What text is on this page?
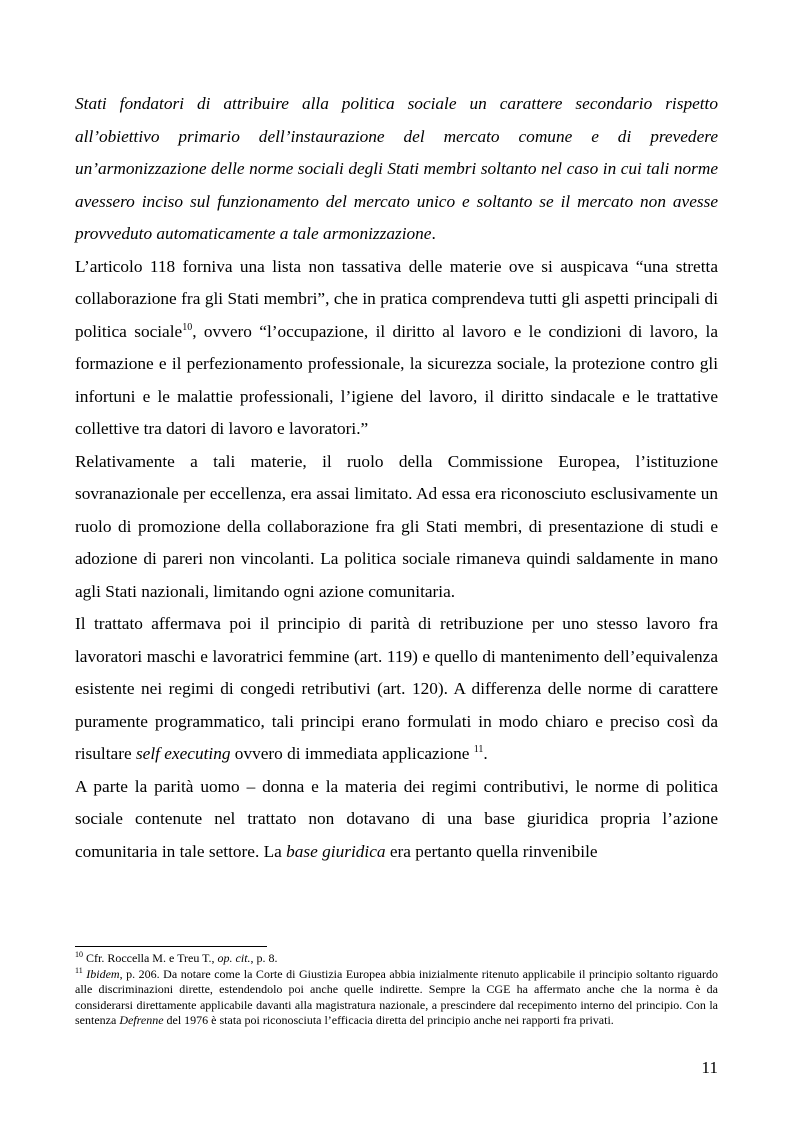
Stati fondatori di attribuire alla politica sociale un carattere secondario rispetto all’obiettivo primario dell’instaurazione del mercato comune e di prevedere un’armonizzazione delle norme sociali degli Stati membri soltanto nel caso in cui tali norme avessero inciso sul funzionamento del mercato unico e soltanto se il mercato non avesse provveduto automaticamente a tale armonizzazione.

L’articolo 118 forniva una lista non tassativa delle materie ove si auspicava “una stretta collaborazione fra gli Stati membri”, che in pratica comprendeva tutti gli aspetti principali di politica sociale$^{10}$, ovvero “l’occupazione, il diritto al lavoro e le condizioni di lavoro, la formazione e il perfezionamento professionale, la sicurezza sociale, la protezione contro gli infortuni e le malattie professionali, l’igiene del lavoro, il diritto sindacale e le trattative collettive tra datori di lavoro e lavoratori.”

Relativamente a tali materie, il ruolo della Commissione Europea, l’istituzione sovranazionale per eccellenza, era assai limitato. Ad essa era riconosciuto esclusivamente un ruolo di promozione della collaborazione fra gli Stati membri, di presentazione di studi e adozione di pareri non vincolanti. La politica sociale rimaneva quindi saldamente in mano agli Stati nazionali, limitando ogni azione comunitaria.

Il trattato affermava poi il principio di parità di retribuzione per uno stesso lavoro fra lavoratori maschi e lavoratrici femmine (art. 119) e quello di mantenimento dell’equivalenza esistente nei regimi di congedi retributivi (art. 120). A differenza delle norme di carattere puramente programmatico, tali principi erano formulati in modo chiaro e preciso così da risultare self executing ovvero di immediata applicazione $^{11}$.

A parte la parità uomo – donna e la materia dei regimi contributivi, le norme di politica sociale contenute nel trattato non dotavano di una base giuridica propria l’azione comunitaria in tale settore. La base giuridica era pertanto quella rinvenibile

$^{10}$ Cfr. Roccella M. e Treu T., op. cit., p. 8.

$^{11}$ Ibidem, p. 206. Da notare come la Corte di Giustizia Europea abbia inizialmente ritenuto applicabile il principio soltanto riguardo alle discriminazioni dirette, estendendolo poi anche quelle indirette. Sempre la CGE ha affermato anche che la norma è da considerarsi direttamente applicabile davanti alla magistratura nazionale, a prescindere dal recepimento interno del principio. Con la sentenza Defrenne del 1976 è stata poi riconosciuta l’efficacia diretta del principio anche nei rapporti fra privati.

11
